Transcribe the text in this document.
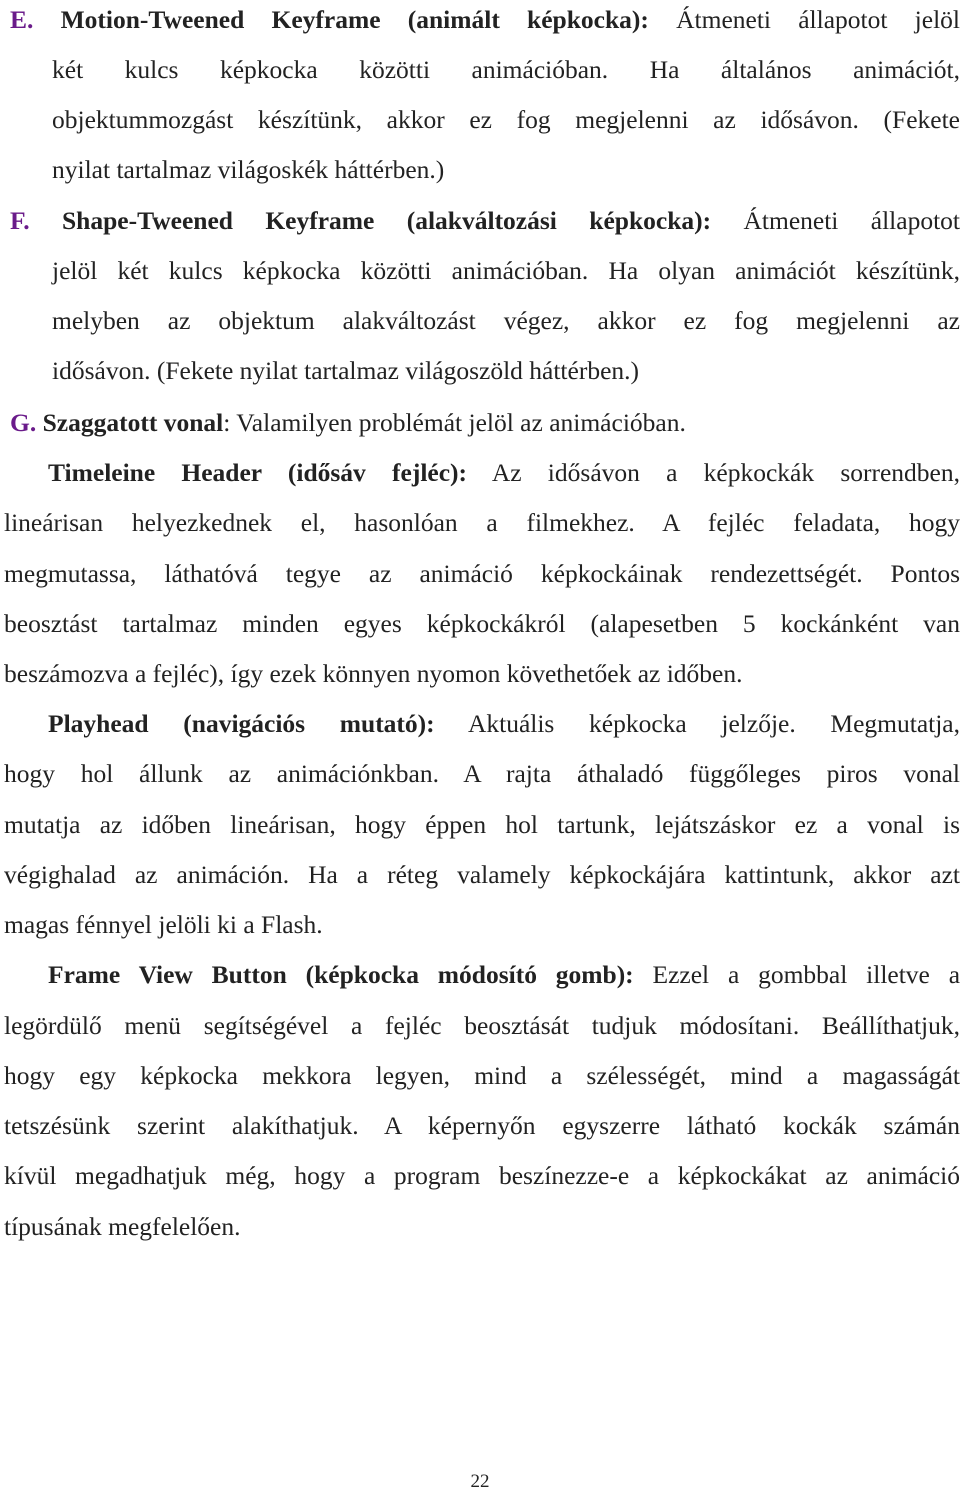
E. Motion-Tweened Keyframe (animált képkocka): Átmeneti állapotot jelöl
két kulcs képkocka közötti animációban. Ha általános animációt,
objektummozgást készítünk, akkor ez fog megjelenni az idősávon. (Fekete
nyilat tartalmaz világoskék háttérben.)
F. Shape-Tweened Keyframe (alakváltozási képkocka): Átmeneti állapotot
jelöl két kulcs képkocka közötti animációban. Ha olyan animációt készítünk,
melyben az objektum alakváltozást végez, akkor ez fog megjelenni az
idősávon. (Fekete nyilat tartalmaz világoszöld háttérben.)
G. Szaggatott vonal: Valamilyen problémát jelöl az animációban.
Timeleine Header (idősáv fejléc): Az idősávon a képkockák sorrendben,
lineárisan helyezkednek el, hasonlóan a filmekhez. A fejléc feladata, hogy
megmutassa, láthatóvá tegye az animáció képkockáinak rendezettségét. Pontos
beosztást tartalmaz minden egyes képkockákról (alapesetben 5 kockánként van
beszámozva a fejléc), így ezek könnyen nyomon követhetőek az időben.
Playhead (navigációs mutató): Aktuális képkocka jelzője. Megmutatja,
hogy hol állunk az animációnkban. A rajta áthaladó függőleges piros vonal
mutatja az időben lineárisan, hogy éppen hol tartunk, lejátszáskor ez a vonal is
végighalad az animáción. Ha a réteg valamely képkockájára kattintunk, akkor azt
magas fénnyel jelöli ki a Flash.
Frame View Button (képkocka módosító gomb): Ezzel a gombbal illetve a
legördülő menü segítségével a fejléc beosztását tudjuk módosítani. Beállíthatjuk,
hogy egy képkocka mekkora legyen, mind a szélességét, mind a magasságát
tetszésünk szerint alakíthatjuk. A képernyőn egyszerre látható kockák számán
kívül megadhatjuk még, hogy a program beszínezze-e a képkockákat az animáció
típusának megfelelően.
22
